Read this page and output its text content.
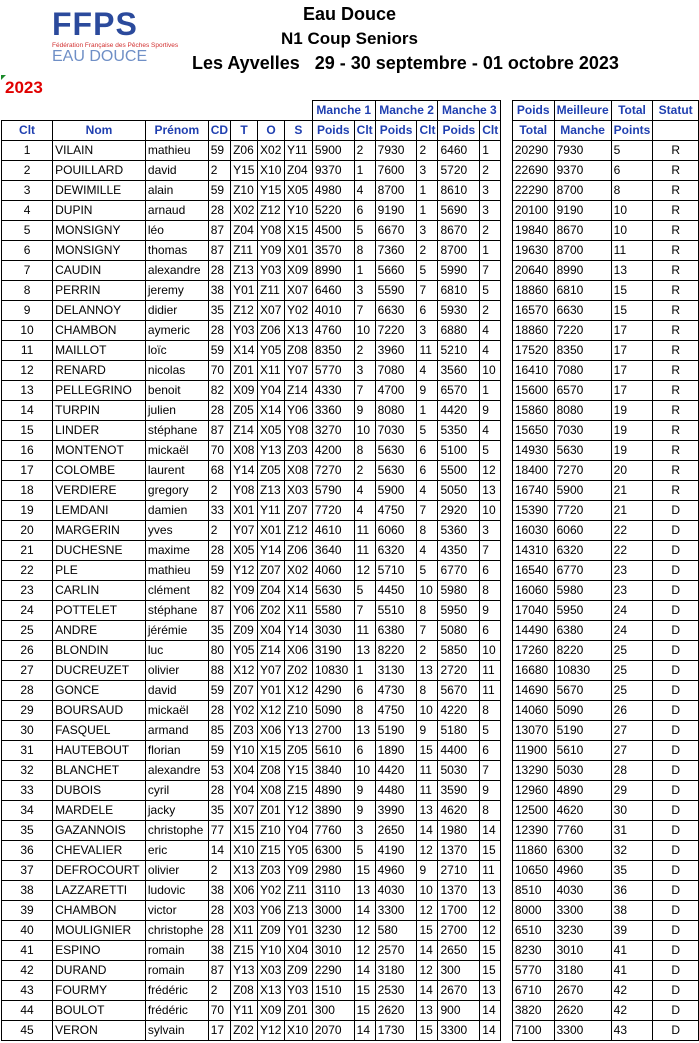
FFPS
Fédération Française des Pêches Sportives
EAU DOUCE
Eau Douce
N1 Coup Seniors
Les Ayvelles   29 - 30 septembre - 01 octobre 2023
2023
							Manche 1		Manche 2		Manche 3			Poids	Meilleure	Total	Statut
Clt	Nom	Prénom	CD	T	O	S	Poids	Clt	Poids	Clt	Poids	Clt		Total	Manche	Points	
1	VILAIN	mathieu	59	Z06	X02	Y11	5900	2	7930	2	6460	1		20290	7930	5	R
2	POUILLARD	david	2	Y15	X10	Z04	9370	1	7600	3	5720	2		22690	9370	6	R
3	DEWIMILLE	alain	59	Z10	Y15	X05	4980	4	8700	1	8610	3		22290	8700	8	R
4	DUPIN	arnaud	28	X02	Z12	Y10	5220	6	9190	1	5690	3		20100	9190	10	R
5	MONSIGNY	léo	87	Z04	Y08	X15	4500	5	6670	3	8670	2		19840	8670	10	R
6	MONSIGNY	thomas	87	Z11	Y09	X01	3570	8	7360	2	8700	1		19630	8700	11	R
7	CAUDIN	alexandre	28	Z13	Y03	X09	8990	1	5660	5	5990	7		20640	8990	13	R
8	PERRIN	jeremy	38	Y01	Z11	X07	6460	3	5590	7	6810	5		18860	6810	15	R
9	DELANNOY	didier	35	Z12	X07	Y02	4010	7	6630	6	5930	2		16570	6630	15	R
10	CHAMBON	aymeric	28	Y03	Z06	X13	4760	10	7220	3	6880	4		18860	7220	17	R
11	MAILLOT	loïc	59	X14	Y05	Z08	8350	2	3960	11	5210	4		17520	8350	17	R
12	RENARD	nicolas	70	Z01	X11	Y07	5770	3	7080	4	3560	10		16410	7080	17	R
13	PELLEGRINO	benoit	82	X09	Y04	Z14	4330	7	4700	9	6570	1		15600	6570	17	R
14	TURPIN	julien	28	Z05	X14	Y06	3360	9	8080	1	4420	9		15860	8080	19	R
15	LINDER	stéphane	87	Z14	X05	Y08	3270	10	7030	5	5350	4		15650	7030	19	R
16	MONTENOT	mickaël	70	X08	Y13	Z03	4200	8	5630	6	5100	5		14930	5630	19	R
17	COLOMBE	laurent	68	Y14	Z05	X08	7270	2	5630	6	5500	12		18400	7270	20	R
18	VERDIERE	gregory	2	Y08	Z13	X03	5790	4	5900	4	5050	13		16740	5900	21	R
19	LEMDANI	damien	33	X01	Y11	Z07	7720	4	4750	7	2920	10		15390	7720	21	D
20	MARGERIN	yves	2	Y07	X01	Z12	4610	11	6060	8	5360	3		16030	6060	22	D
21	DUCHESNE	maxime	28	X05	Y14	Z06	3640	11	6320	4	4350	7		14310	6320	22	D
22	PLE	mathieu	59	Y12	Z07	X02	4060	12	5710	5	6770	6		16540	6770	23	D
23	CARLIN	clément	82	Y09	Z04	X14	5630	5	4450	10	5980	8		16060	5980	23	D
24	POTTELET	stéphane	87	Y06	Z02	X11	5580	7	5510	8	5950	9		17040	5950	24	D
25	ANDRE	jérémie	35	Z09	X04	Y14	3030	11	6380	7	5080	6		14490	6380	24	D
26	BLONDIN	luc	80	Y05	Z14	X06	3190	13	8220	2	5850	10		17260	8220	25	D
27	DUCREUZET	olivier	88	X12	Y07	Z02	10830	1	3130	13	2720	11		16680	10830	25	D
28	GONCE	david	59	Z07	Y01	X12	4290	6	4730	8	5670	11		14690	5670	25	D
29	BOURSAUD	mickaël	28	Y02	X12	Z10	5090	8	4750	10	4220	8		14060	5090	26	D
30	FASQUEL	armand	85	Z03	X06	Y13	2700	13	5190	9	5180	5		13070	5190	27	D
31	HAUTEBOUT	florian	59	Y10	X15	Z05	5610	6	1890	15	4400	6		11900	5610	27	D
32	BLANCHET	alexandre	53	X04	Z08	Y15	3840	10	4420	11	5030	7		13290	5030	28	D
33	DUBOIS	cyril	28	Y04	X08	Z15	4890	9	4480	11	3590	9		12960	4890	29	D
34	MARDELE	jacky	35	X07	Z01	Y12	3890	9	3990	13	4620	8		12500	4620	30	D
35	GAZANNOIS	christophe	77	X15	Z10	Y04	7760	3	2650	14	1980	14		12390	7760	31	D
36	CHEVALIER	eric	14	X10	Z15	Y05	6300	5	4190	12	1370	15		11860	6300	32	D
37	DEFROCOURT	olivier	2	X13	Z03	Y09	2980	15	4960	9	2710	11		10650	4960	35	D
38	LAZZARETTI	ludovic	38	X06	Y02	Z11	3110	13	4030	10	1370	13		8510	4030	36	D
39	CHAMBON	victor	28	X03	Y06	Z13	3000	14	3300	12	1700	12		8000	3300	38	D
40	MOULIGNIER	christophe	28	X11	Z09	Y01	3230	12	580	15	2700	12		6510	3230	39	D
41	ESPINO	romain	38	Z15	Y10	X04	3010	12	2570	14	2650	15		8230	3010	41	D
42	DURAND	romain	87	Y13	X03	Z09	2290	14	3180	12	300	15		5770	3180	41	D
43	FOURMY	frédéric	2	Z08	X13	Y03	1510	15	2530	14	2670	13		6710	2670	42	D
44	BOULOT	frédéric	70	Y11	X09	Z01	300	15	2620	13	900	14		3820	2620	42	D
45	VERON	sylvain	17	Z02	Y12	X10	2070	14	1730	15	3300	14		7100	3300	43	D
